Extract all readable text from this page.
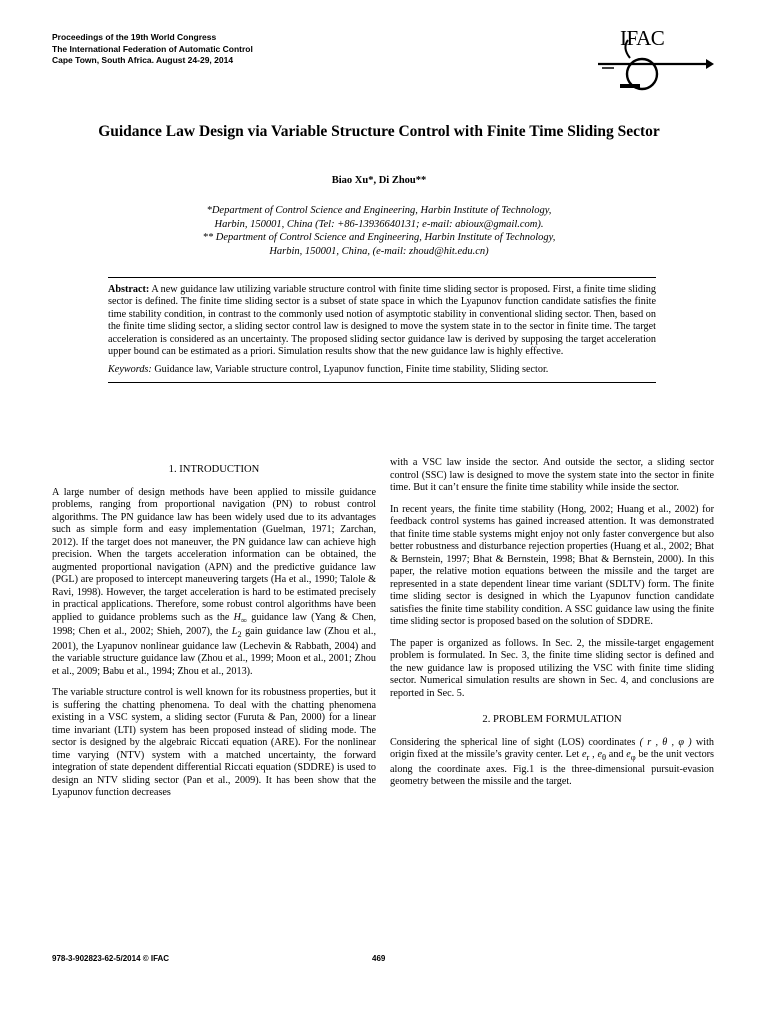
Proceedings of the 19th World Congress
The International Federation of Automatic Control
Cape Town, South Africa. August 24-29, 2014
IFAC
Guidance Law Design via Variable Structure Control with Finite Time Sliding Sector
Biao Xu*, Di Zhou**
*Department of Control Science and Engineering, Harbin Institute of Technology,
Harbin, 150001, China (Tel: +86-13936640131; e-mail: abioux@gmail.com).
** Department of Control Science and Engineering, Harbin Institute of Technology,
Harbin, 150001, China, (e-mail: zhoud@hit.edu.cn)

Abstract: A new guidance law utilizing variable structure control with finite time sliding sector is proposed. First, a finite time sliding sector is defined. The finite time sliding sector is a subset of state space in which the Lyapunov function candidate satisfies the finite time stability condition, in contrast to the commonly used notion of asymptotic stability in conventional sliding sector. Then, based on the finite time sliding sector, a sliding sector control law is designed to move the system state in to the sector in finite time. The target acceleration is considered as an uncertainty. The proposed sliding sector guidance law is derived by supposing the target acceleration upper bound can be estimated as a priori. Simulation results show that the new guidance law is highly effective.

Keywords: Guidance law, Variable structure control, Lyapunov function, Finite time stability, Sliding sector.

1. INTRODUCTION

A large number of design methods have been applied to missile guidance problems, ranging from proportional navigation (PN) to robust control algorithms. The PN guidance law has been widely used due to its advantages such as simple form and easy implementation (Guelman, 1971; Zarchan, 2012). If the target does not maneuver, the PN guidance law can achieve high precision. When the targets acceleration information can be obtained, the augmented proportional navigation (APN) and the predictive guidance law (PGL) are proposed to intercept maneuvering targets (Ha et al., 1990; Talole & Ravi, 1998). However, the target acceleration is hard to be estimated precisely in practical applications. Therefore, some robust control algorithms have been applied to guidance problems such as the $H_\infty$ guidance law (Yang & Chen, 1998; Chen et al., 2002; Shieh, 2007), the $L_2$ gain guidance law (Zhou et al., 2001), the Lyapunov nonlinear guidance law (Lechevin & Rabbath, 2004) and the variable structure guidance law (Zhou et al., 1999; Moon et al., 2001; Zhou et al., 2009; Babu et al., 1994; Zhou et al., 2013).

The variable structure control is well known for its robustness properties, but it is suffering the chatting phenomena. To deal with the chatting phenomena existing in a VSC system, a sliding sector (Furuta & Pan, 2000) for a linear time invariant (LTI) system has been proposed instead of sliding mode. The sector is designed by the algebraic Riccati equation (ARE). For the nonlinear time varying (NTV) system with a matched uncertainty, the forward integration of state dependent differential Riccati equation (SDDRE) is used to design an NTV sliding sector (Pan et al., 2009). It has been show that the Lyapunov function decreases

with a VSC law inside the sector. And outside the sector, a sliding sector control (SSC) law is designed to move the system state into the sector in finite time. But it can’t ensure the finite time stability while inside the sector.

In recent years, the finite time stability (Hong, 2002; Huang et al., 2002) for feedback control systems has gained increased attention. It was demonstrated that finite time stable systems might enjoy not only faster convergence but also better robustness and disturbance rejection properties (Huang et al., 2002; Bhat & Bernstein, 1997; Bhat & Bernstein, 1998; Bhat & Bernstein, 2000). In this paper, the relative motion equations between the missile and the target are represented in a state dependent linear time variant (SDLTV) form. The finite time sliding sector is designed in which the Lyapunov function candidate satisfies the finite time stability condition. A SSC guidance law using the finite time sliding sector is proposed based on the solution of SDDRE.

The paper is organized as follows. In Sec. 2, the missile-target engagement problem is formulated. In Sec. 3, the finite time sliding sector is defined and the new guidance law is proposed utilizing the VSC with finite time sliding sector. Numerical simulation results are shown in Sec. 4, and conclusions are reported in Sec. 5.

2. PROBLEM FORMULATION

Considering the spherical line of sight (LOS) coordinates ( r , θ , φ ) with origin fixed at the missile’s gravity center. Let $e_r$ , $e_\theta$ and $e_\varphi$ be the unit vectors along the coordinate axes. Fig.1 is the three-dimensional pursuit-evasion geometry between the missile and the target.

978-3-902823-62-5/2014 © IFAC	469
